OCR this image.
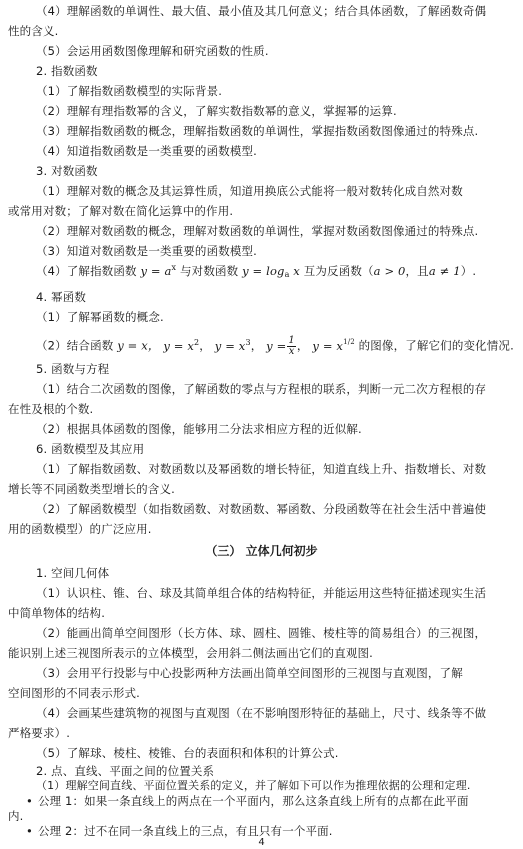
（4）理解函数的单调性、最大值、最小值及其几何意义；结合具体函数，了解函数奇偶
性的含义.
（5）会运用函数图像理解和研究函数的性质.
2. 指数函数
（1）了解指数函数模型的实际背景.
（2）理解有理指数幂的含义，了解实数指数幂的意义，掌握幂的运算.
（3）理解指数函数的概念，理解指数函数的单调性，掌握指数函数图像通过的特殊点.
（4）知道指数函数是一类重要的函数模型.
3. 对数函数
（1）理解对数的概念及其运算性质，知道用换底公式能将一般对数转化成自然对数
或常用对数；了解对数在简化运算中的作用.
（2）理解对数函数的概念，理解对数函数的单调性，掌握对数函数图像通过的特殊点.
（3）知道对数函数是一类重要的函数模型.
（4）了解指数函数 $y = a^x$ 与对数函数 $y = \log_a x$ 互为反函数（a > 0，且a ≠ 1）.
4. 幂函数
（1）了解幂函数的概念.
（2）结合函数 y = x， $y = x^2$， $y = x^3$， $y = \frac{1}{x}$ ， $y = x^{1/2}$ 的图像，了解它们的变化情况.
5. 函数与方程
（1）结合二次函数的图像，了解函数的零点与方程根的联系，判断一元二次方程根的存
在性及根的个数.
（2）根据具体函数的图像，能够用二分法求相应方程的近似解.
6. 函数模型及其应用
（1）了解指数函数、对数函数以及幂函数的增长特征，知道直线上升、指数增长、对数
增长等不同函数类型增长的含义.
（2）了解函数模型（如指数函数、对数函数、幂函数、分段函数等在社会生活中普遍使
用的函数模型）的广泛应用.
（三） 立体几何初步
1. 空间几何体
（1）认识柱、锥、台、球及其简单组合体的结构特征，并能运用这些特征描述现实生活
中简单物体的结构.
（2）能画出简单空间图形（长方体、球、圆柱、圆锥、棱柱等的简易组合）的三视图，
能识别上述三视图所表示的立体模型，会用斜二侧法画出它们的直观图.
（3）会用平行投影与中心投影两种方法画出简单空间图形的三视图与直观图，了解
空间图形的不同表示形式.
（4）会画某些建筑物的视图与直观图（在不影响图形特征的基础上，尺寸、线条等不做
严格要求）.
（5）了解球、棱柱、棱锥、台的表面积和体积的计算公式.
2. 点、直线、平面之间的位置关系
（1）理解空间直线、平面位置关系的定义，并了解如下可以作为推理依据的公理和定理.
• 公理 1：如果一条直线上的两点在一个平面内，那么这条直线上所有的点都在此平面
内.
• 公理 2：过不在同一条直线上的三点，有且只有一个平面.
4
